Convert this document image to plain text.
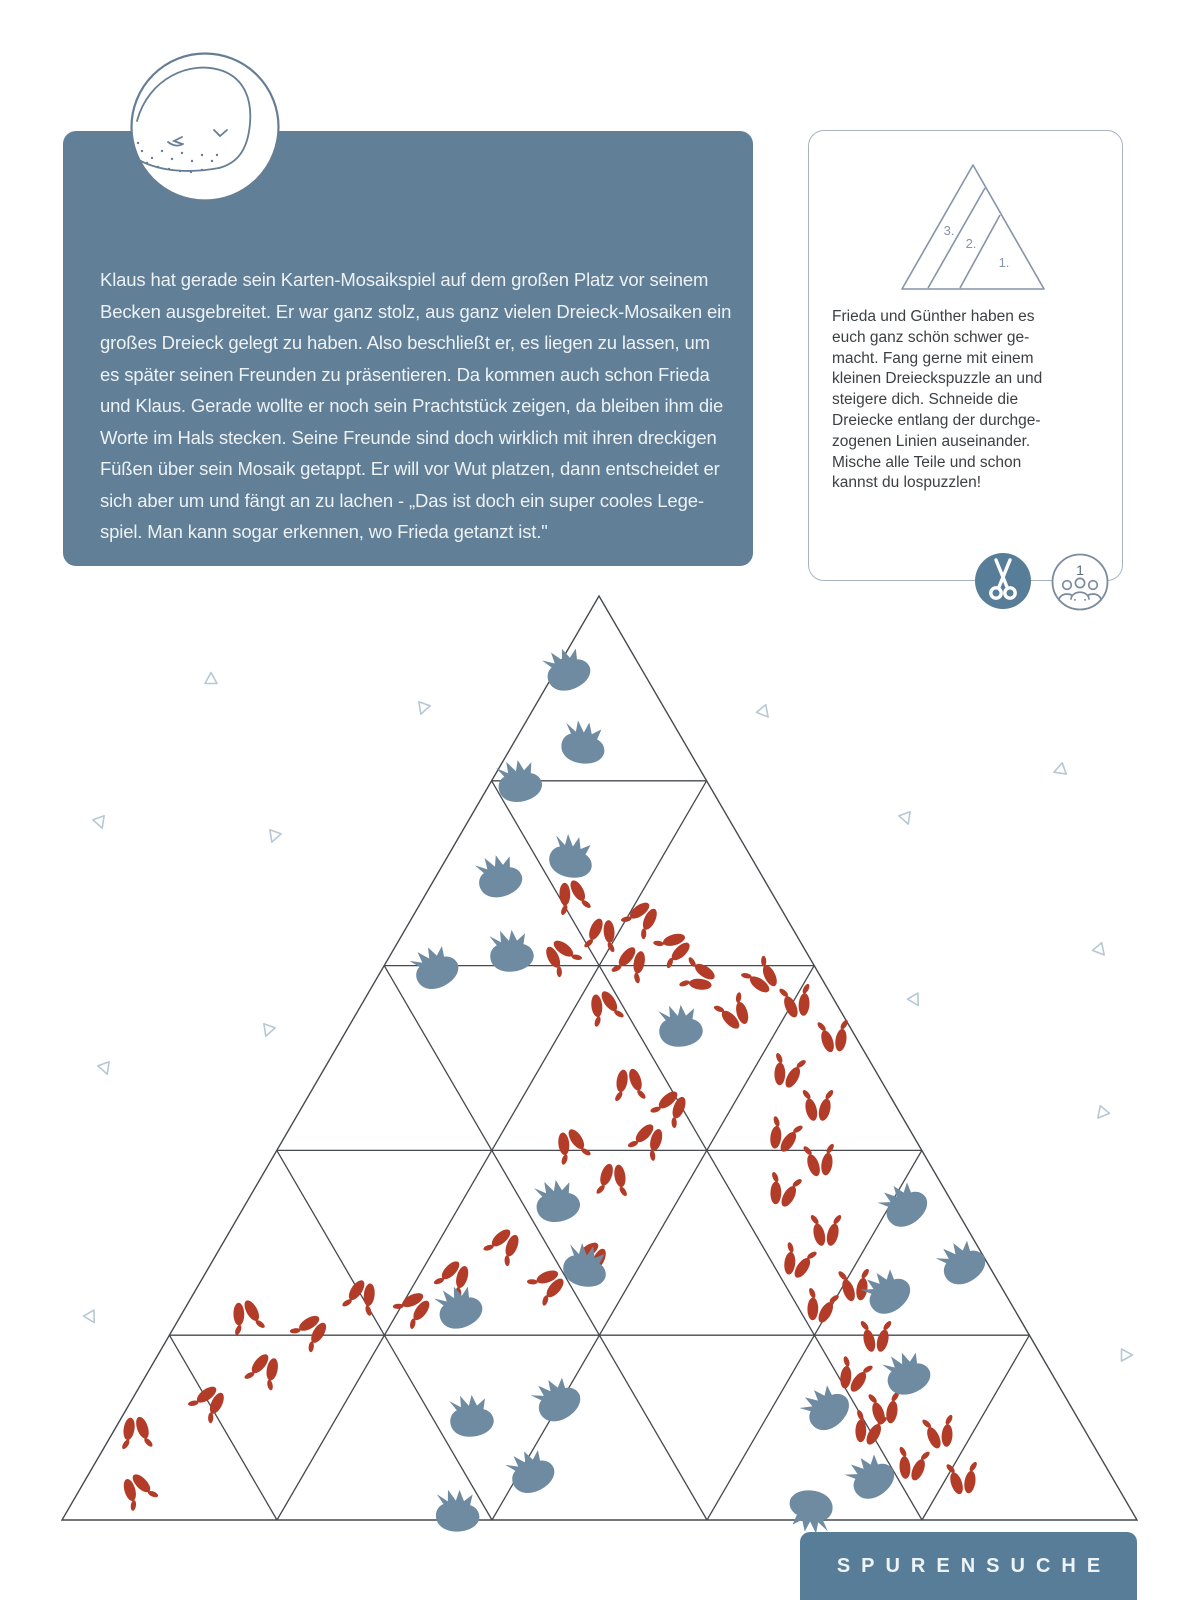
Klaus hat gerade sein Karten-Mosaikspiel auf dem großen Platz vor seinem
Becken ausgebreitet. Er war ganz stolz, aus ganz vielen Dreieck-Mosaiken ein
großes Dreieck gelegt zu haben. Also beschließt er, es liegen zu lassen, um
es später seinen Freunden zu präsentieren. Da kommen auch schon Frieda
und Klaus. Gerade wollte er noch sein Prachtstück zeigen, da bleiben ihm die
Worte im Hals stecken. Seine Freunde sind doch wirklich mit ihren dreckigen
Füßen über sein Mosaik getappt. Er will vor Wut platzen, dann entscheidet er
sich aber um und fängt an zu lachen - „Das ist doch ein super cooles Lege-
spiel. Man kann sogar erkennen, wo Frieda getanzt ist."
Frieda und Günther haben es
euch ganz schön schwer ge-
macht. Fang gerne mit einem
kleinen Dreieckspuzzle an und
steigere dich. Schneide die
Dreiecke entlang der durchge-
zogenen Linien auseinander.
Mische alle Teile und schon
kannst du lospuzzlen!
3.
2.
1.
1
SPURENSUCHE
